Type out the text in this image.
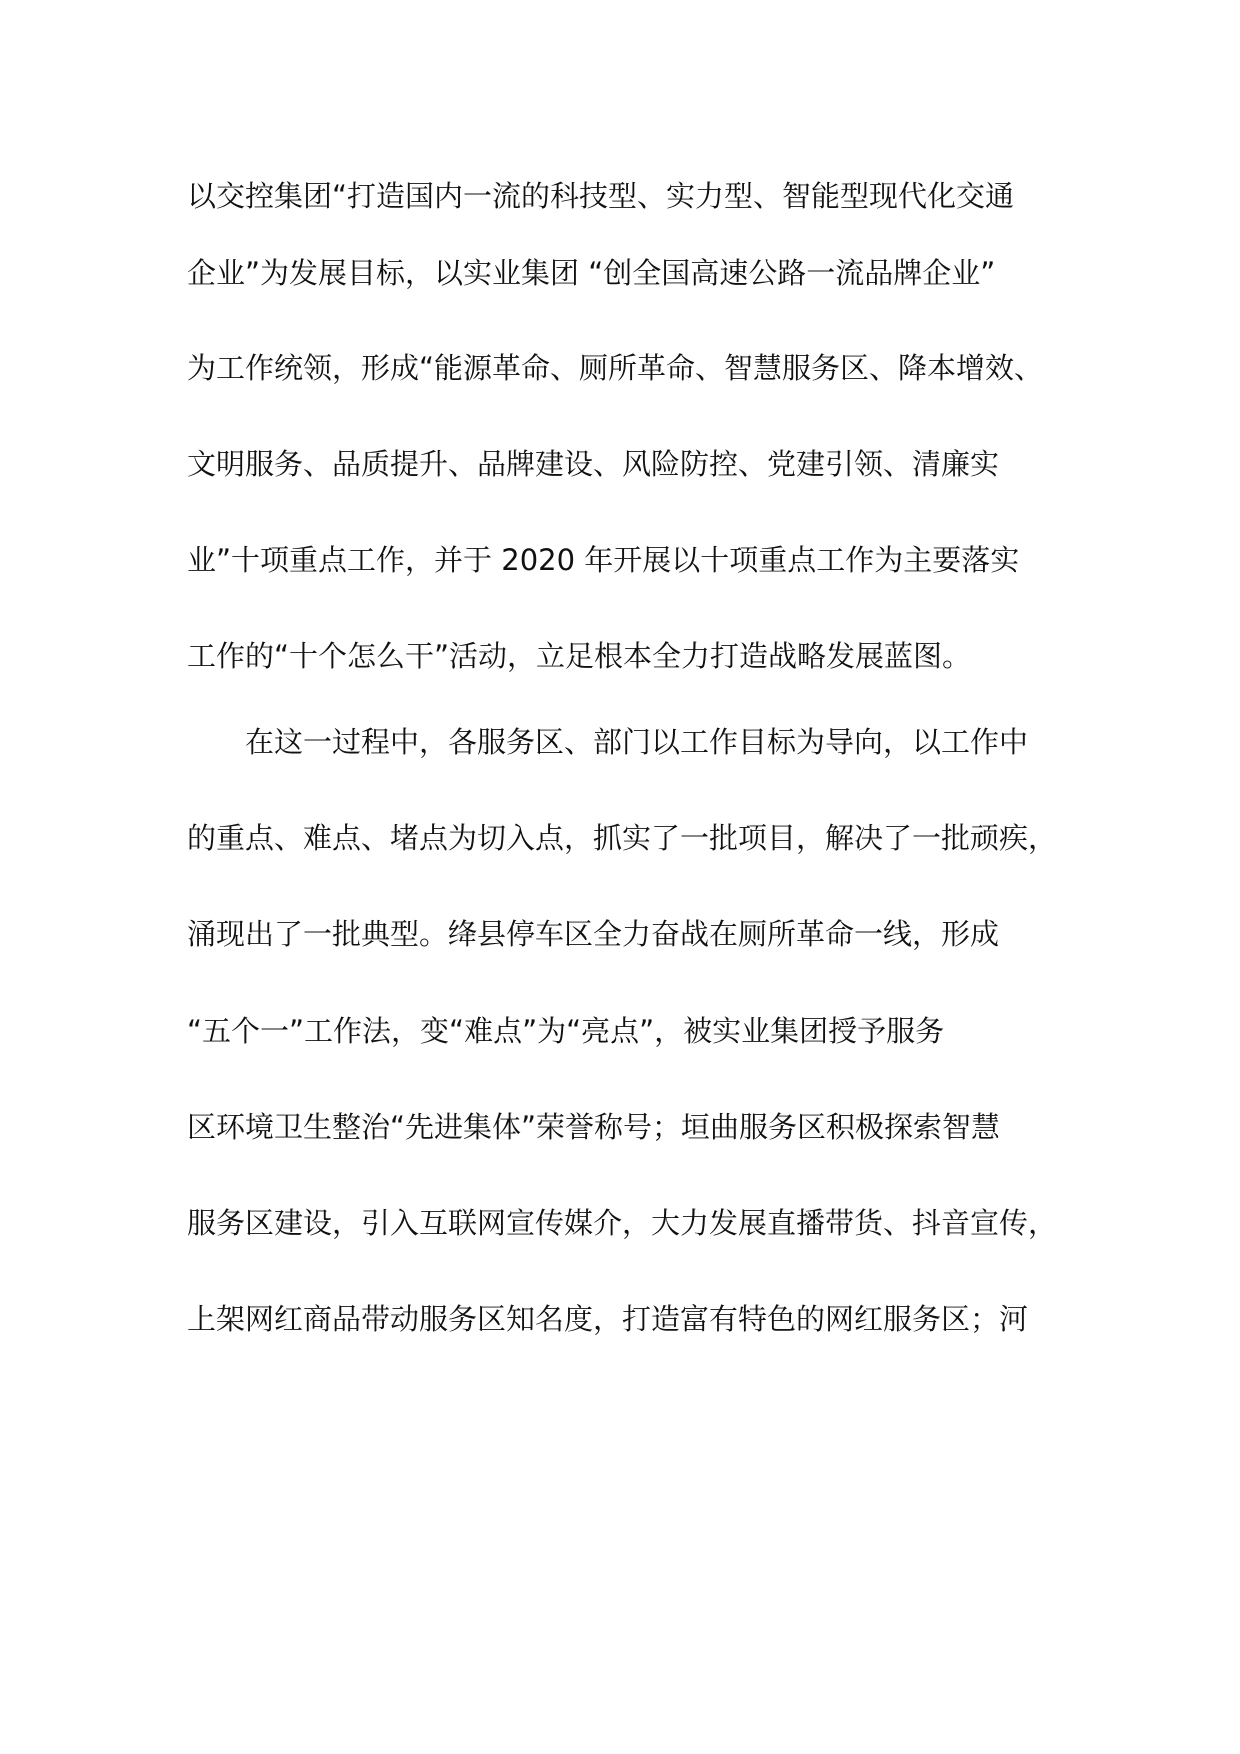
以交控集团“打造国内一流的科技型、实力型、智能型现代化交通
企业”为发展目标，以实业集团 “创全国高速公路一流品牌企业”
为工作统领，形成“能源革命、厕所革命、智慧服务区、降本增效、
文明服务、品质提升、品牌建设、风险防控、党建引领、清廉实
业”十项重点工作，并于 2020 年开展以十项重点工作为主要落实
工作的“十个怎么干”活动，立足根本全力打造战略发展蓝图。
　　在这一过程中，各服务区、部门以工作目标为导向，以工作中
的重点、难点、堵点为切入点，抓实了一批项目，解决了一批顽疾，
涌现出了一批典型。绛县停车区全力奋战在厕所革命一线，形成
“五个一”工作法，变“难点”为“亮点”，被实业集团授予服务
区环境卫生整治“先进集体”荣誉称号；垣曲服务区积极探索智慧
服务区建设，引入互联网宣传媒介，大力发展直播带货、抖音宣传，
上架网红商品带动服务区知名度，打造富有特色的网红服务区；河
